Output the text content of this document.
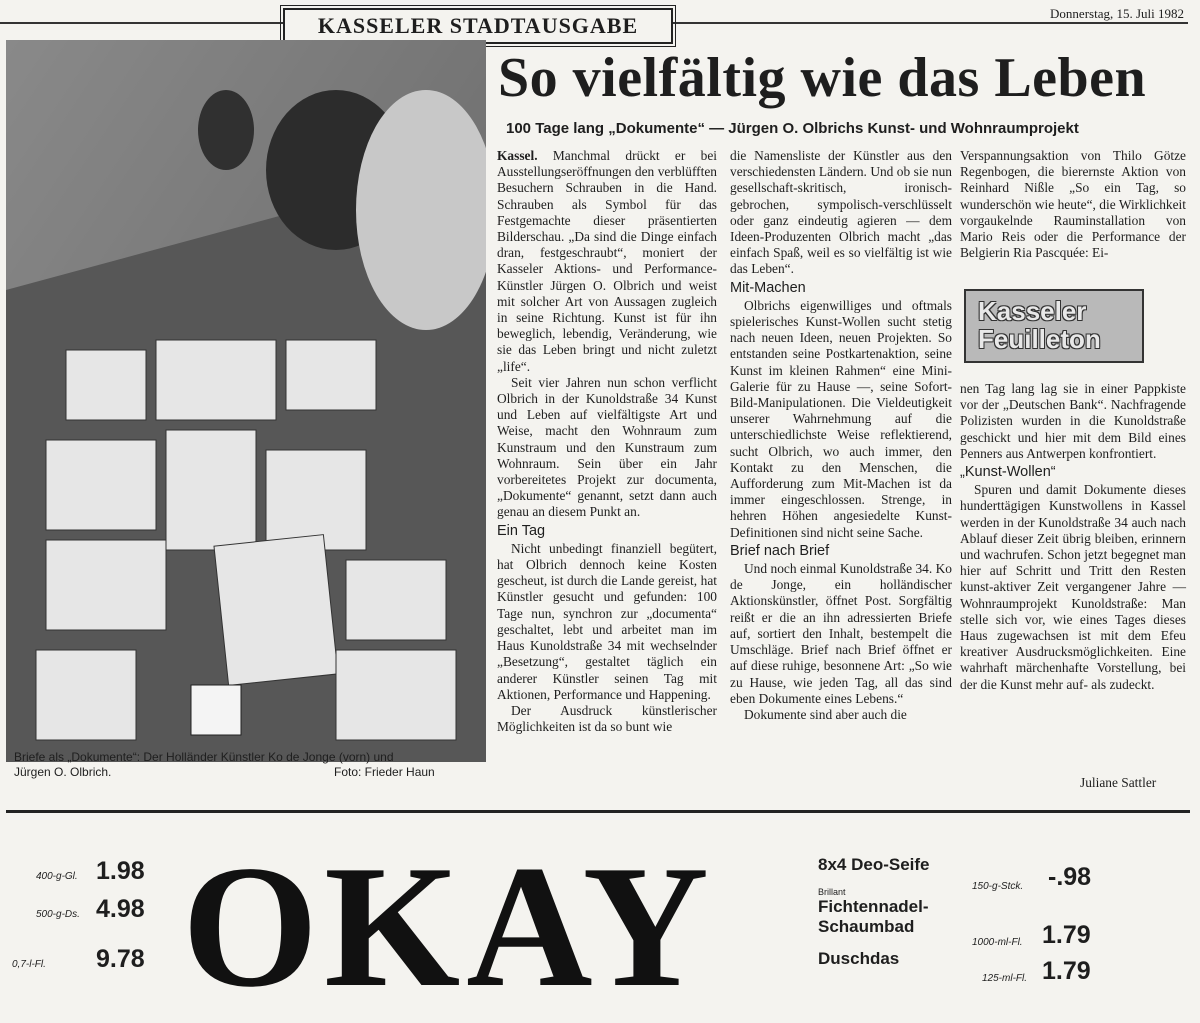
KASSELER STADTAUSGABE	Donnerstag, 15. Juli 1982
Briefe als „Dokumente“: Der Holländer Künstler Ko de Jonge (vorn) und
Jürgen O. Olbrich.	Foto: Frieder Haun
So vielfältig wie das Leben
100 Tage lang „Dokumente“ — Jürgen O. Olbrichs Kunst- und Wohnraumprojekt

Kassel. Manchmal drückt er bei Ausstellungseröffnungen den verblüfften Besuchern Schrauben in die Hand. Schrauben als Symbol für das Festgemachte dieser präsentierten Bilderschau. „Da sind die Dinge einfach dran, festgeschraubt“, moniert der Kasseler Aktions- und Performance-Künstler Jürgen O. Olbrich und weist mit solcher Art von Aussagen zugleich in seine Richtung. Kunst ist für ihn beweglich, lebendig, Veränderung, wie sie das Leben bringt und nicht zuletzt „life“.

Seit vier Jahren nun schon verflicht Olbrich in der Kunoldstraße 34 Kunst und Leben auf vielfältigste Art und Weise, macht den Wohnraum zum Kunstraum und den Kunstraum zum Wohnraum. Sein über ein Jahr vorbereitetes Projekt zur documenta, „Dokumente“ genannt, setzt dann auch genau an diesem Punkt an.

Ein Tag

Nicht unbedingt finanziell begütert, hat Olbrich dennoch keine Kosten gescheut, ist durch die Lande gereist, hat Künstler gesucht und gefunden: 100 Tage nun, synchron zur „documenta“ geschaltet, lebt und arbeitet man im Haus Kunoldstraße 34 mit wechselnder „Besetzung“, gestaltet täglich ein anderer Künstler seinen Tag mit Aktionen, Performance und Happening.

Der Ausdruck künstlerischer Möglichkeiten ist da so bunt wie

die Namensliste der Künstler aus den verschiedensten Ländern. Und ob sie nun gesellschaft-skritisch, ironisch-gebrochen, sympolisch-verschlüsselt oder ganz eindeutig agieren — dem Ideen-Produzenten Olbrich macht „das einfach Spaß, weil es so vielfältig ist wie das Leben“.

Mit-Machen

Olbrichs eigenwilliges und oftmals spielerisches Kunst-Wollen sucht stetig nach neuen Ideen, neuen Projekten. So entstanden seine Postkartenaktion, seine Kunst im kleinen Rahmen“ eine Mini-Galerie für zu Hause —, seine Sofort-Bild-Manipulationen. Die Vieldeutigkeit unserer Wahrnehmung auf die unterschiedlichste Weise reflektierend, sucht Olbrich, wo auch immer, den Kontakt zu den Menschen, die Aufforderung zum Mit-Machen ist da immer eingeschlossen. Strenge, in hehren Höhen angesiedelte Kunst-Definitionen sind nicht seine Sache.

Brief nach Brief

Und noch einmal Kunoldstraße 34. Ko de Jonge, ein holländischer Aktionskünstler, öffnet Post. Sorgfältig reißt er die an ihn adressierten Briefe auf, sortiert den Inhalt, bestempelt die Umschläge. Brief nach Brief öffnet er auf diese ruhige, besonnene Art: „So wie zu Hause, wie jeden Tag, all das sind eben Dokumente eines Lebens.“

Dokumente sind aber auch die

Verspannungsaktion von Thilo Götze Regenbogen, die bierernste Aktion von Reinhard Nißle „So ein Tag, so wunderschön wie heute“, die Wirklichkeit vorgaukelnde Rauminstallation von Mario Reis oder die Performance der Belgierin Ria Pascquée: Ei-

Kasseler
Feuilleton

nen Tag lang lag sie in einer Pappkiste vor der „Deutschen Bank“. Nachfragende Polizisten wurden in die Kunoldstraße geschickt und hier mit dem Bild eines Penners aus Antwerpen konfrontiert.

„Kunst-Wollen“

Spuren und damit Dokumente dieses hunderttägigen Kunstwollens in Kassel werden in der Kunoldstraße 34 auch nach Ablauf dieser Zeit übrig bleiben, erinnern und wachrufen. Schon jetzt begegnet man hier auf Schritt und Tritt den Resten kunst-aktiver Zeit vergangener Jahre — Wohnraumprojekt Kunoldstraße: Man stelle sich vor, wie eines Tages dieses Haus zugewachsen ist mit dem Efeu kreativer Ausdrucksmöglichkeiten. Eine wahrhaft märchenhafte Vorstellung, bei der die Kunst mehr auf- als zudeckt.

Juliane Sattler
OKAY
400-g-Gl. 1.98
500-g-Ds. 4.98
0,7-l-Fl. 9.78
8x4 Deo-Seife
150-g-Stck. -.98
Brillant
Fichtennadel-
Schaumbad
1000-ml-Fl. 1.79
Duschdas
125-ml-Fl. 1.79
